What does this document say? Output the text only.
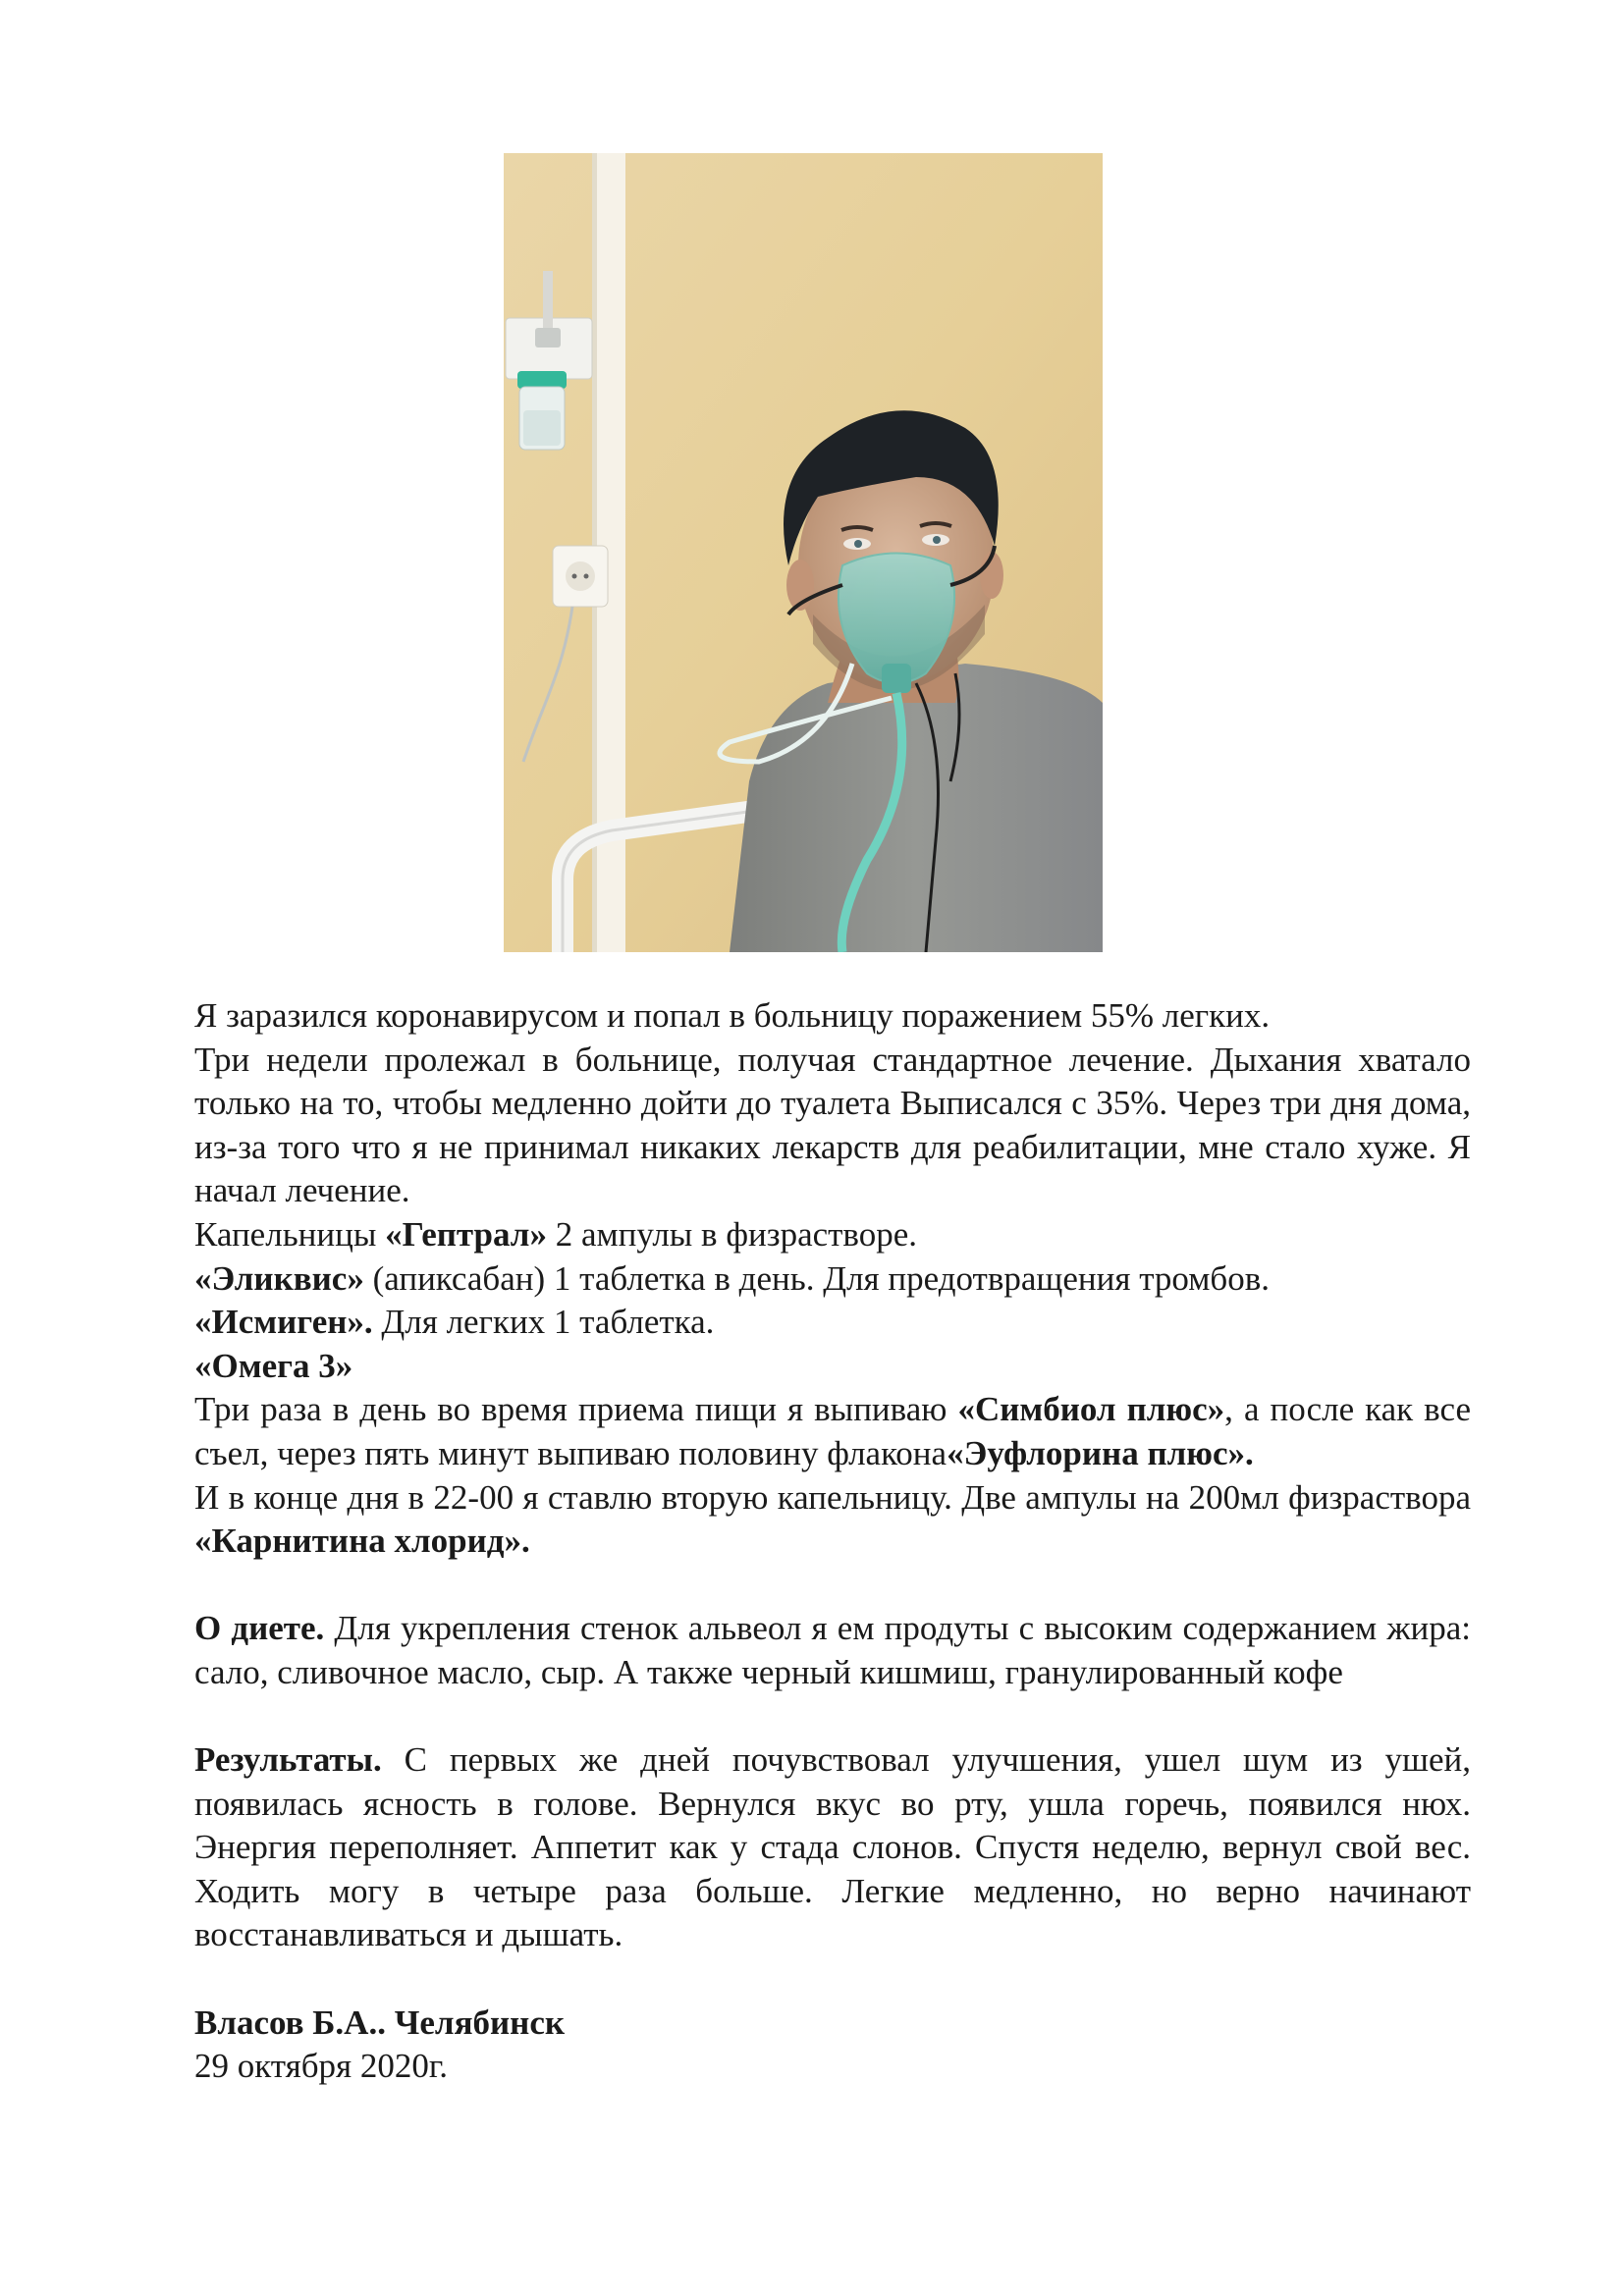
Я заразился коронавирусом и попал в больницу поражением 55% легких.

Три недели пролежал в больнице, получая стандартное лечение. Дыхания хватало только на то, чтобы медленно дойти до туалета Выписался с 35%. Через три дня дома, из-за того что я не принимал никаких лекарств для реабилитации, мне стало хуже. Я начал лечение.

Капельницы «Гептрал» 2 ампулы в физрастворе.

«Эликвис» (апиксабан) 1 таблетка в день. Для предотвращения тромбов.

«Исмиген». Для легких 1 таблетка.

«Омега 3»

Три раза в день во время приема пищи я выпиваю «Симбиол плюс», а после как все съел, через пять минут выпиваю половину флакона«Эуфлорина плюс».

И в конце дня в 22-00 я ставлю вторую капельницу. Две ампулы на 200мл физраствора «Карнитина хлорид».

О диете. Для укрепления стенок альвеол я ем продуты с высоким содержанием жира: сало, сливочное масло, сыр. А также черный кишмиш, гранулированный кофе

Результаты. С первых же дней почувствовал улучшения, ушел шум из ушей, появилась ясность в голове. Вернулся вкус во рту, ушла горечь, появился нюх. Энергия переполняет. Аппетит как у стада слонов. Спустя неделю, вернул свой вес. Ходить могу в четыре раза больше. Легкие медленно, но верно начинают восстанавливаться и дышать.

Власов Б.А.. Челябинск

29 октября 2020г.
